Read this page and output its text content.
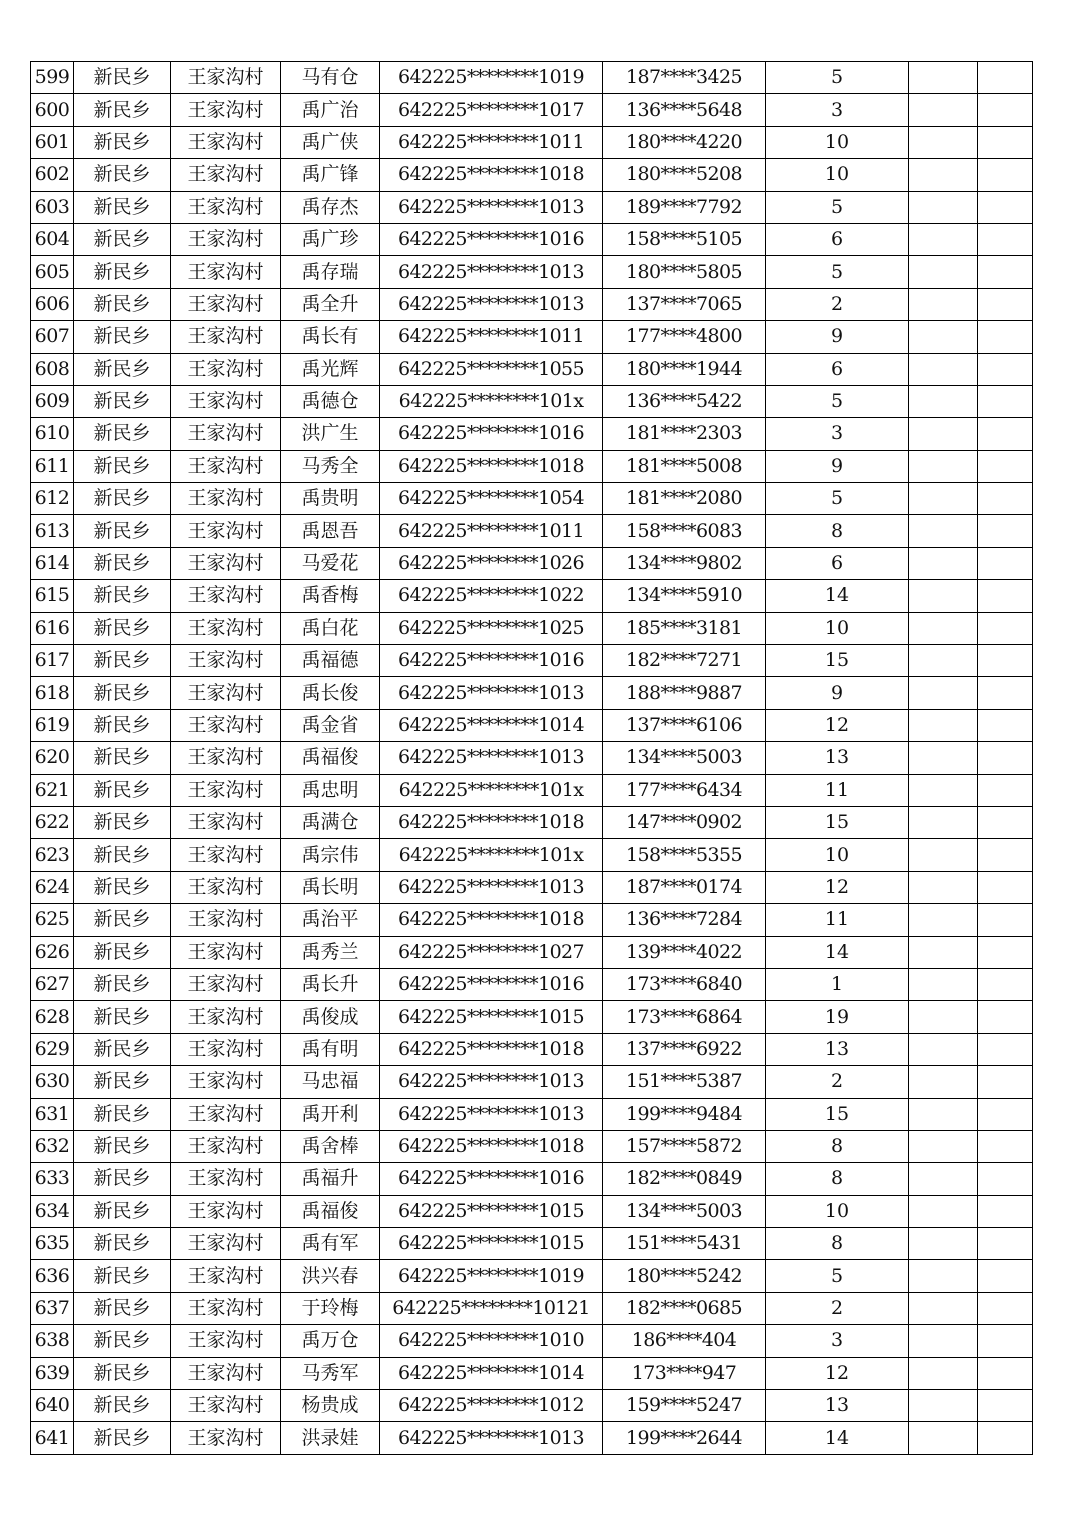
599	新民乡	王家沟村	马有仓	642225********1019	187****3425	5		
600	新民乡	王家沟村	禹广治	642225********1017	136****5648	3		
601	新民乡	王家沟村	禹广侠	642225********1011	180****4220	10		
602	新民乡	王家沟村	禹广锋	642225********1018	180****5208	10		
603	新民乡	王家沟村	禹存杰	642225********1013	189****7792	5		
604	新民乡	王家沟村	禹广珍	642225********1016	158****5105	6		
605	新民乡	王家沟村	禹存瑞	642225********1013	180****5805	5		
606	新民乡	王家沟村	禹全升	642225********1013	137****7065	2		
607	新民乡	王家沟村	禹长有	642225********1011	177****4800	9		
608	新民乡	王家沟村	禹光辉	642225********1055	180****1944	6		
609	新民乡	王家沟村	禹德仓	642225********101x	136****5422	5		
610	新民乡	王家沟村	洪广生	642225********1016	181****2303	3		
611	新民乡	王家沟村	马秀全	642225********1018	181****5008	9		
612	新民乡	王家沟村	禹贵明	642225********1054	181****2080	5		
613	新民乡	王家沟村	禹恩吾	642225********1011	158****6083	8		
614	新民乡	王家沟村	马爱花	642225********1026	134****9802	6		
615	新民乡	王家沟村	禹香梅	642225********1022	134****5910	14		
616	新民乡	王家沟村	禹白花	642225********1025	185****3181	10		
617	新民乡	王家沟村	禹福德	642225********1016	182****7271	15		
618	新民乡	王家沟村	禹长俊	642225********1013	188****9887	9		
619	新民乡	王家沟村	禹金省	642225********1014	137****6106	12		
620	新民乡	王家沟村	禹福俊	642225********1013	134****5003	13		
621	新民乡	王家沟村	禹忠明	642225********101x	177****6434	11		
622	新民乡	王家沟村	禹满仓	642225********1018	147****0902	15		
623	新民乡	王家沟村	禹宗伟	642225********101x	158****5355	10		
624	新民乡	王家沟村	禹长明	642225********1013	187****0174	12		
625	新民乡	王家沟村	禹治平	642225********1018	136****7284	11		
626	新民乡	王家沟村	禹秀兰	642225********1027	139****4022	14		
627	新民乡	王家沟村	禹长升	642225********1016	173****6840	1		
628	新民乡	王家沟村	禹俊成	642225********1015	173****6864	19		
629	新民乡	王家沟村	禹有明	642225********1018	137****6922	13		
630	新民乡	王家沟村	马忠福	642225********1013	151****5387	2		
631	新民乡	王家沟村	禹开利	642225********1013	199****9484	15		
632	新民乡	王家沟村	禹舍棒	642225********1018	157****5872	8		
633	新民乡	王家沟村	禹福升	642225********1016	182****0849	8		
634	新民乡	王家沟村	禹福俊	642225********1015	134****5003	10		
635	新民乡	王家沟村	禹有军	642225********1015	151****5431	8		
636	新民乡	王家沟村	洪兴春	642225********1019	180****5242	5		
637	新民乡	王家沟村	于玲梅	642225********10121	182****0685	2		
638	新民乡	王家沟村	禹万仓	642225********1010	186****404	3		
639	新民乡	王家沟村	马秀军	642225********1014	173****947	12		
640	新民乡	王家沟村	杨贵成	642225********1012	159****5247	13		
641	新民乡	王家沟村	洪录娃	642225********1013	199****2644	14		
